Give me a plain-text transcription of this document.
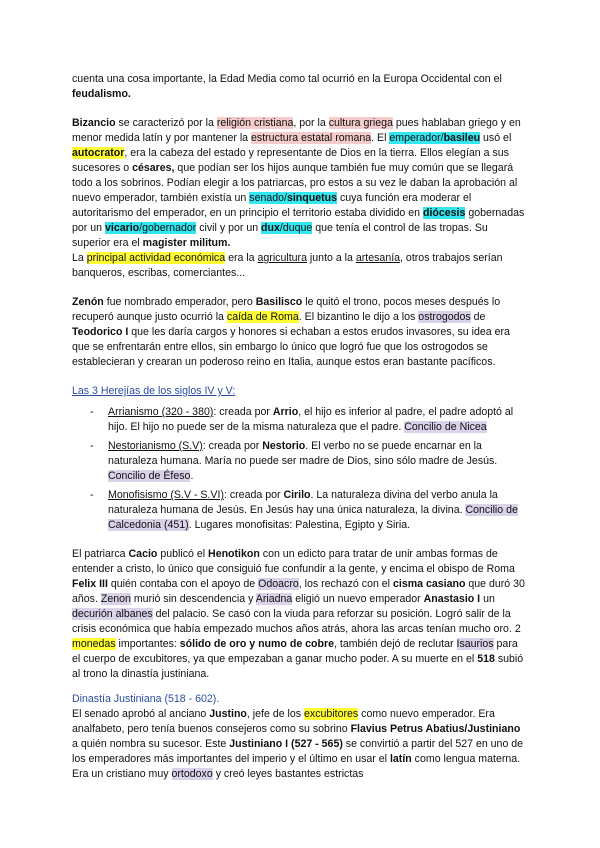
cuenta una cosa importante, la Edad Media como tal ocurrió en la Europa Occidental con el feudalismo.

Bizancio se caracterizó por la religión cristiana, por la cultura griega pues hablaban griego y en menor medida latín y por mantener la estructura estatal romana. El emperador/basileu usó el autocrator, era la cabeza del estado y representante de Dios en la tierra. Ellos elegían a sus sucesores o césares, que podían ser los hijos aunque también fue muy común que se llegará todo a los sobrinos. Podían elegir a los patriarcas, pro estos a su vez le daban la aprobación al nuevo emperador, también existía un senado/sinquetus cuya función era moderar el autoritarismo del emperador, en un principio el territorio estaba dividido en diócesis gobernadas por un vicario/gobernador civil y por un dux/duque que tenía el control de las tropas. Su superior era el magister militum.

La principal actividad económica era la agricultura junto a la artesanía, otros trabajos serían banqueros, escribas, comerciantes...

Zenón fue nombrado emperador, pero Basilisco le quitó el trono, pocos meses después lo recuperó aunque justo ocurrió la caída de Roma. El bizantino le dijo a los ostrogodos de Teodorico I que les daría cargos y honores si echaban a estos erudos invasores, su idea era que se enfrentarán entre ellos, sin embargo lo único que logró fue que los ostrogodos se establecieran y crearan un poderoso reino en Italia, aunque estos eran bastante pacíficos.

Las 3 Herejías de los siglos IV y V:

- Arrianismo (320 - 380): creada por Arrio, el hijo es inferior al padre, el padre adoptó al hijo. El hijo no puede ser de la misma naturaleza que el padre. Concilio de Nicea
- Nestorianismo (S.V): creada por Nestorio. El verbo no se puede encarnar en la naturaleza humana. María no puede ser madre de Dios, sino sólo madre de Jesús. Concilio de Éfeso.
- Monofisismo (S.V - S.VI): creada por Cirilo. La naturaleza divina del verbo anula la naturaleza humana de Jesús. En Jesús hay una única naturaleza, la divina. Concilio de Calcedonia (451). Lugares monofisitas: Palestina, Egipto y Siria.

El patriarca Cacio publicó el Henotikon con un edicto para tratar de unir ambas formas de entender a cristo, lo único que consiguió fue confundir a la gente, y encima el obispo de Roma Felix III quién contaba con el apoyo de Odoacro, los rechazó con el cisma casiano que duró 30 años. Zenon murió sin descendencia y Ariadna eligió un nuevo emperador Anastasio I un decurión albanes del palacio. Se casó con la viuda para reforzar su posición. Logró salir de la crisis económica que había empezado muchos años atrás, ahora las arcas tenían mucho oro. 2 monedas importantes: sólido de oro y numo de cobre, también dejó de reclutar Isaurios para el cuerpo de excubitores, ya que empezaban a ganar mucho poder. A su muerte en el 518 subió al trono la dinastía justiniana.

Dinastía Justiniana (518 - 602).

El senado aprobó al anciano Justino, jefe de los excubitores como nuevo emperador. Era analfabeto, pero tenía buenos consejeros como su sobrino Flavius Petrus Abatius/Justiniano a quién nombra su sucesor. Este Justiniano I (527 - 565) se convirtió a partir del 527 en uno de los emperadores más importantes del imperio y el último en usar el latín como lengua materna. Era un cristiano muy ortodoxo y creó leyes bastantes estrictas
